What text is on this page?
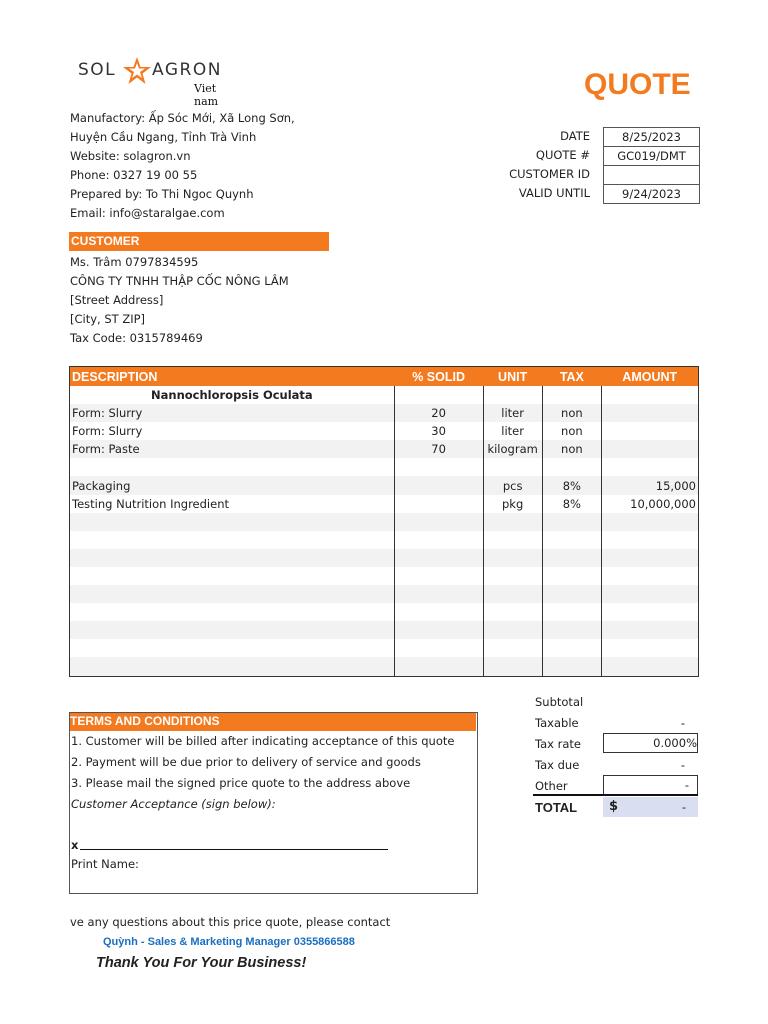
SOL AGRON
Viet nam
Manufactory: Ấp Sóc Mới, Xã Long Sơn,
Huyện Cầu Ngang, Tỉnh Trà Vinh
Website: solagron.vn
Phone: 0327 19 00 55
Prepared by: To Thi Ngoc Quynh
Email: info@staralgae.com
QUOTE
DATE	8/25/2023
QUOTE #	GC019/DMT
CUSTOMER ID
VALID UNTIL	9/24/2023
CUSTOMER
Ms. Trâm 0797834595
CÔNG TY TNHH THẬP CỐC NÔNG LÂM
[Street Address]
[City, ST ZIP]
Tax Code: 0315789469
DESCRIPTION	% SOLID	UNIT	TAX	AMOUNT
Nannochloropsis Oculata				
Form: Slurry	20	liter	non	
Form: Slurry	30	liter	non	
Form: Paste	70	kilogram	non	

Packaging		pcs	8%	15,000
Testing Nutrition Ingredient		pkg	8%	10,000,000

Subtotal
Taxable	-
Tax rate	0.000%
Tax due	-
Other	-
TOTAL $	-
TERMS AND CONDITIONS
1. Customer will be billed after indicating acceptance of this quote
2. Payment will be due prior to delivery of service and goods
3. Please mail the signed price quote to the address above
Customer Acceptance (sign below):
x
Print Name:
ve any questions about this price quote, please contact
Quỳnh - Sales & Marketing Manager 0355866588
Thank You For Your Business!
